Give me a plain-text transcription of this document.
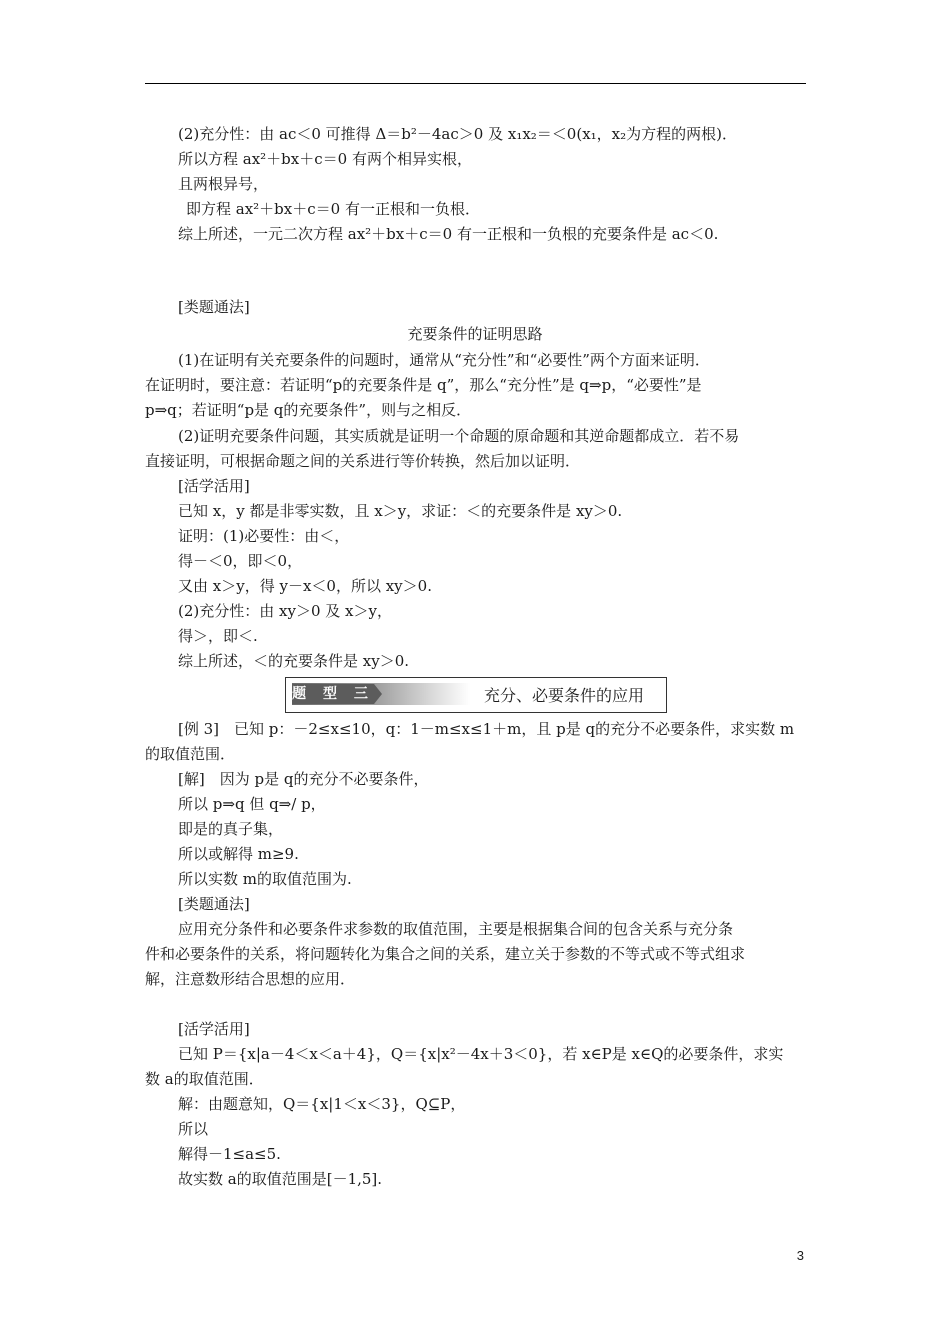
(2)充分性：由 ac＜0 可推得 Δ＝b²－4ac＞0 及 x₁x₂＝＜0(x₁，x₂为方程的两根)．
所以方程 ax²＋bx＋c＝0 有两个相异实根，
且两根异号，
即方程 ax²＋bx＋c＝0 有一正根和一负根．
综上所述，一元二次方程 ax²＋bx＋c＝0 有一正根和一负根的充要条件是 ac＜0.
[类题通法]
充要条件的证明思路
(1)在证明有关充要条件的问题时，通常从“充分性”和“必要性”两个方面来证明．
在证明时，要注意：若证明“p的充要条件是 q”，那么“充分性”是 q⇒p，“必要性”是
p⇒q；若证明“p是 q的充要条件”，则与之相反．
(2)证明充要条件问题，其实质就是证明一个命题的原命题和其逆命题都成立．若不易
直接证明，可根据命题之间的关系进行等价转换，然后加以证明．
[活学活用]
已知 x，y 都是非零实数，且 x＞y，求证：＜的充要条件是 xy＞0.
证明：(1)必要性：由＜，
得－＜0，即＜0，
又由 x＞y，得 y－x＜0，所以 xy＞0.
(2)充分性：由 xy＞0 及 x＞y，
得＞，即＜.
综上所述，＜的充要条件是 xy＞0.
题 型 三	充分、必要条件的应用
[例 3]　已知 p：－2≤x≤10，q：1－m≤x≤1＋m，且 p是 q的充分不必要条件，求实数 m
的取值范围．
[解]　因为 p是 q的充分不必要条件，
所以 p⇒q 但 q⇒/ p，
即是的真子集，
所以或解得 m≥9.
所以实数 m的取值范围为.
[类题通法]
应用充分条件和必要条件求参数的取值范围，主要是根据集合间的包含关系与充分条
件和必要条件的关系，将问题转化为集合之间的关系，建立关于参数的不等式或不等式组求
解，注意数形结合思想的应用．
[活学活用]
已知 P＝{x|a－4＜x＜a＋4}，Q＝{x|x²－4x＋3＜0}，若 x∈P是 x∈Q的必要条件，求实
数 a的取值范围．
解：由题意知，Q＝{x|1＜x＜3}，Q⊆P，
所以
解得－1≤a≤5.
故实数 a的取值范围是[－1,5].
3
